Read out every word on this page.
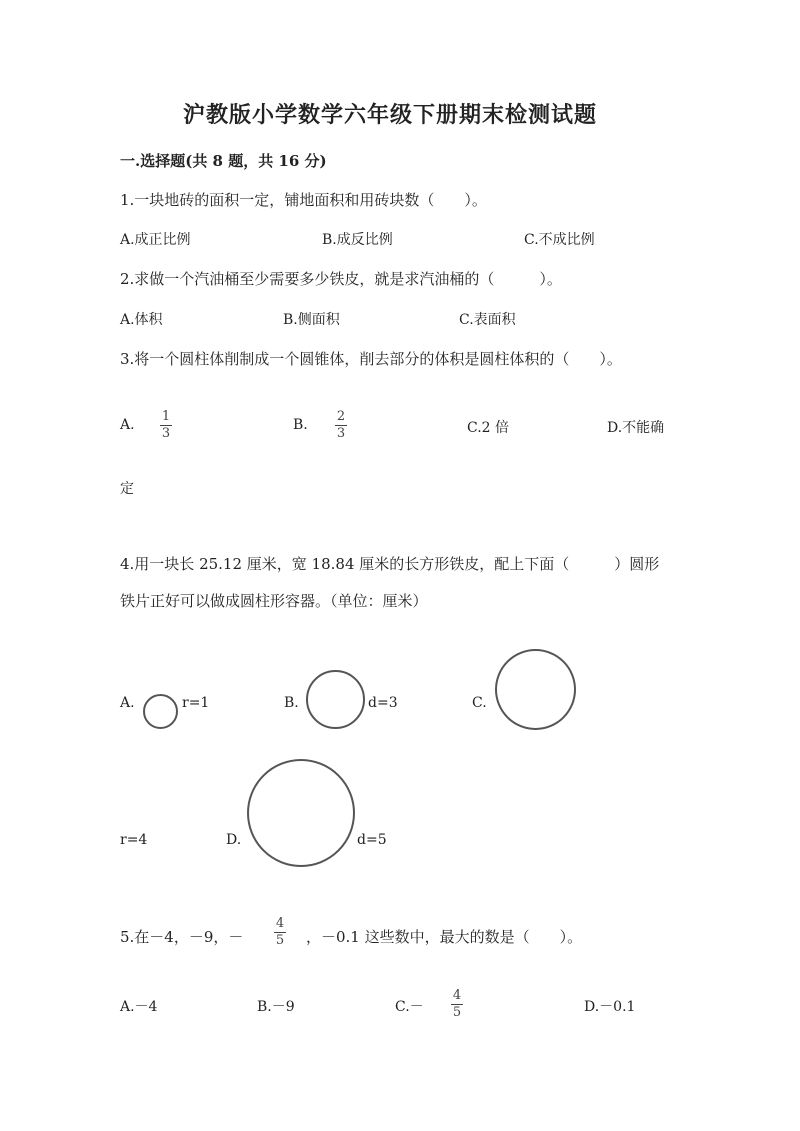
沪教版小学数学六年级下册期末检测试题
一.选择题(共 8 题，共 16 分)
1.一块地砖的面积一定，铺地面积和用砖块数（　　）。
A.成正比例	B.成反比例	C.不成比例
2.求做一个汽油桶至少需要多少铁皮，就是求汽油桶的（　　　）。
A.体积	B.侧面积	C.表面积
3.将一个圆柱体削制成一个圆锥体，削去部分的体积是圆柱体积的（　　）。
A.
1
3
B.
2
3	C.2 倍	D.不能确
定
4.用一块长 25.12 厘米，宽 18.84 厘米的长方形铁皮，配上下面（　　　）圆形
铁片正好可以做成圆柱形容器。（单位：厘米）
A.	r=1	B.	d=3	C.
r=4	D.	d=5
5.在－4，－9，－
4
5 ，－0.1 这些数中，最大的数是（　　）。
A.－4	B.－9	C.－
4
5	D.－0.1
